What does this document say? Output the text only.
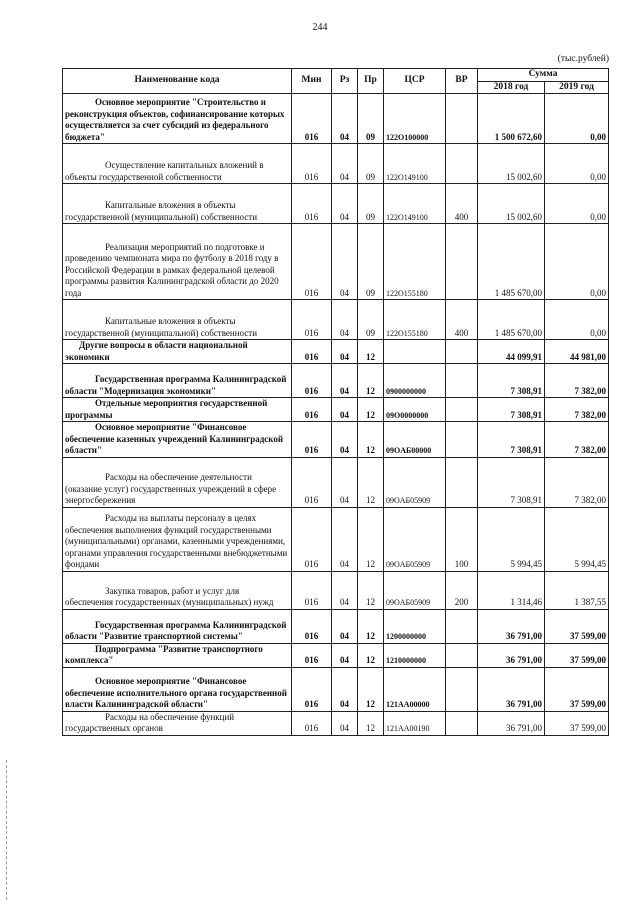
244
(тыс.рублей)
Наименование кода	Мин	Рз	Пр	ЦСР	ВР	Сумма	
						2018 год	2019 год
Основное мероприятие "Строительство и реконструкция объектов, софинансирование которых осуществляется за счет субсидий из федерального бюджета"	016	04	09	122O100000		1 500 672,60	0,00
Осуществление капитальных вложений в объекты государственной собственности	016	04	09	122O149100		15 002,60	0,00
Капитальные вложения в объекты государственной (муниципальной) собственности	016	04	09	122O149100	400	15 002,60	0,00
Реализация мероприятий по подготовке и проведению чемпионата мира по футболу в 2018 году в Российской Федерации в рамках федеральной целевой программы развития Калининградской области до 2020 года	016	04	09	122O155180		1 485 670,00	0,00
Капитальные вложения в объекты государственной (муниципальной) собственности	016	04	09	122O155180	400	1 485 670,00	0,00
Другие вопросы в области национальной экономики	016	04	12			44 099,91	44 981,00
Государственная программа Калининградской области "Модернизация экономики"	016	04	12	0900000000		7 308,91	7 382,00
Отдельные мероприятия государственной программы	016	04	12	09O0000000		7 308,91	7 382,00
Основное мероприятие "Финансовое обеспечение казенных учреждений Калининградской области"	016	04	12	09OAБ00000		7 308,91	7 382,00
Расходы на обеспечение деятельности (оказание услуг) государственных учреждений в сфере энергосбережения	016	04	12	09OAБ05909		7 308,91	7 382,00
Расходы на выплаты персоналу в целях обеспечения выполнения функций государственными (муниципальными) органами, казенными учреждениями, органами управления государственными внебюджетными фондами	016	04	12	09OAБ05909	100	5 994,45	5 994,45
Закупка товаров, работ и услуг для обеспечения государственных (муниципальных) нужд	016	04	12	09OAБ05909	200	1 314,46	1 387,55
Государственная программа Калининградской области "Развитие транспортной системы"	016	04	12	1200000000		36 791,00	37 599,00
Подпрограмма "Развитие транспортного комплекса"	016	04	12	1210000000		36 791,00	37 599,00
Основное мероприятие "Финансовое обеспечение исполнительного органа государственной власти Калининградской области"	016	04	12	121AA00000		36 791,00	37 599,00
Расходы на обеспечение функций государственных органов	016	04	12	121AA00190		36 791,00	37 599,00
